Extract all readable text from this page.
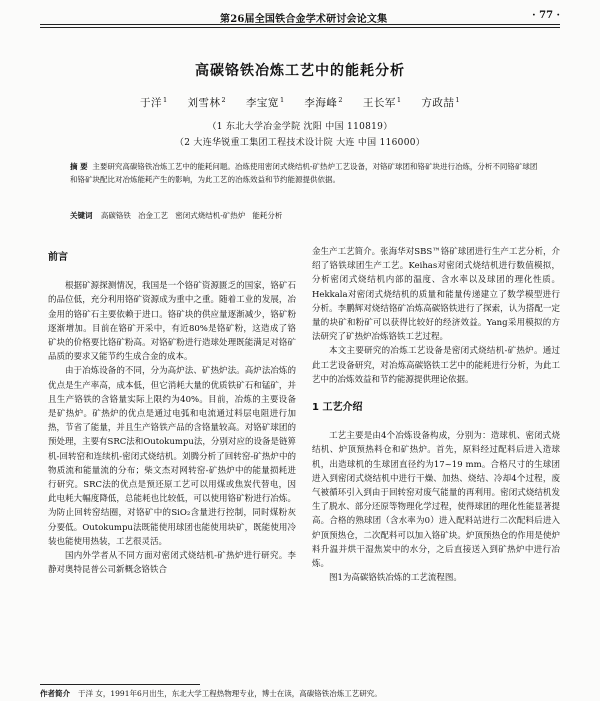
第26届全国铁合金学术研讨会论文集	· 77 ·
高碳铬铁冶炼工艺中的能耗分析
于洋$^1$ 刘雪林$^2$ 李宝宽$^1$ 李海峰$^2$ 王长军$^1$ 方政喆$^1$
（1 东北大学冶金学院 沈阳 中国 110819）
（2 大连华锐重工集团工程技术设计院 大连 中国 116000）
摘 要 主要研究高碳铬铁冶炼工艺中的能耗问题。冶炼使用密闭式烧结机-矿热炉工艺设备，对铬矿球团和铬矿块进行冶炼，分析不同铬矿球团和铬矿块配比对冶炼能耗产生的影响，为此工艺的冶炼效益和节约能源提供依据。
关键词 高碳铬铁 冶金工艺 密闭式烧结机-矿热炉 能耗分析
前言

根据矿源探测情况，我国是一个铬矿资源匮乏的国家，铬矿石的品位低，充分利用铬矿资源成为重中之重。随着工业的发展，冶金用的铬矿石主要依赖于进口。铬矿块的供应量逐渐减少，铬矿粉逐渐增加。目前在铬矿开采中，有近80%是铬矿粉，这造成了铬矿块的价格要比铬矿粉高。对铬矿粉进行造球处理既能满足对铬矿品质的要求又能节约生成合金的成本。

由于冶炼设备的不同，分为高炉法、矿热炉法。高炉法冶炼的优点是生产率高，成本低，但它消耗大量的优质铁矿石和锰矿，并且生产铬铁的含铬量实际上限约为40%。目前，冶炼的主要设备是矿热炉。矿热炉的优点是通过电弧和电流通过料层电阻进行加热，节省了能量，并且生产铬铁产品的含铬量较高。对铬矿球团的预处理，主要有SRC法和Outokumpu法，分别对应的设备是链箅机-回转窑和连续机-密闭式烧结机。刘腾分析了回转窑-矿热炉中的物质流和能量流的分布；柴文杰对网转窑-矿热炉中的能量损耗进行研究。SRC法的优点是预还原工艺可以用煤或焦炭代替电，因此电耗大幅度降低，总能耗也比较低，可以使用铬矿粉进行冶炼。为防止回转窑结圈，对铬矿中的SiO₂含量进行控制，同时煤粉灰分要低。Outokumpu法既能使用球团也能使用块矿，既能使用冷装也能使用热装，工艺很灵活。

国内外学者从不同方面对密闭式烧结机-矿热炉进行研究。李静对奥特昆普公司新概念铬铁合

金生产工艺简介。张海华对SBS™铬矿球团进行生产工艺分析，介绍了铬铁球团生产工艺。Keihas对密闭式烧结机进行数值模拟，分析密闭式烧结机内部的温度、含水率以及球团的理化性质。Hekkala对密闭式烧结机的质量和能量传递建立了数学模型进行分析。李鹏辉对烧结铬矿冶炼高碳铬铁进行了探索，认为搭配一定量的块矿和粉矿可以获得比较好的经济效益。Yang采用模拟的方法研究了矿热炉冶炼铬铁工艺过程。

本文主要研究的冶炼工艺设备是密闭式烧结机-矿热炉。通过此工艺设备研究，对冶炼高碳铬铁工艺中的能耗进行分析，为此工艺中的冶炼效益和节约能源提供理论依据。

1 工艺介绍

工艺主要是由4个冶炼设备构成，分别为：造球机、密闭式烧结机、炉顶预热料仓和矿热炉。首先，原料经过配料后进入造球机，出造球机的生球团直径约为17~19 mm。合格尺寸的生球团进入到密闭式烧结机中进行干燥、加热、烧结、冷却4个过程，废气被循环引入到由于回转窑对废气能量的再利用。密闭式烧结机发生了脱水、部分还原等物理化学过程，使得球团的理化性能显著提高。合格的熟球团（含水率为0）进入配料站进行二次配料后进入炉顶预热仓，二次配料可以加入铬矿块。炉顶预热仓的作用是使炉料升温并烘干湿焦炭中的水分，之后直接送入到矿热炉中进行冶炼。

图1为高碳铬铁冶炼的工艺流程图。

作者简介 于洋 女，1991年6月出生，东北大学工程热物理专业，博士在读，高碳铬铁冶炼工艺研究。
